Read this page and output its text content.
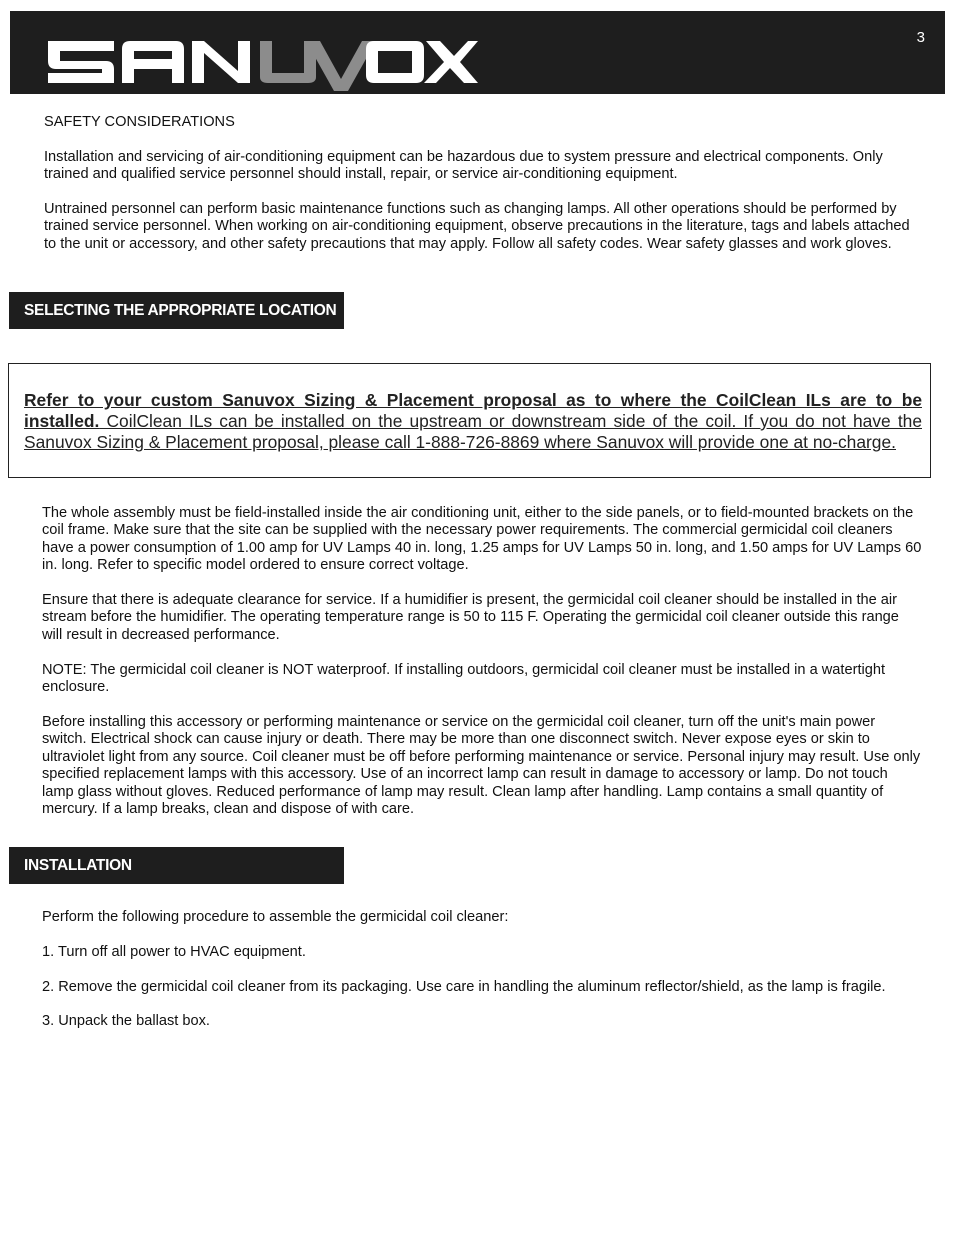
3

SAFETY CONSIDERATIONS

Installation and servicing of air-conditioning equipment can be hazardous due to system pressure and electrical components. Only trained and qualified service personnel should install, repair, or service air-conditioning equipment.

Untrained personnel can perform basic maintenance functions such as changing lamps. All other operations should be performed by trained service personnel. When working on air-conditioning equipment, observe precautions in the literature, tags and labels attached to the unit or accessory, and other safety precautions that may apply. Follow all safety codes. Wear safety glasses and work gloves.

SELECTING THE APPROPRIATE LOCATION
Refer to your custom Sanuvox Sizing & Placement proposal as to where the CoilClean ILs are to be installed. CoilClean ILs can be installed on the upstream or downstream side of the coil. If you do not have the Sanuvox Sizing & Placement proposal, please call 1-888-726-8869 where Sanuvox will provide one at no-charge.

The whole assembly must be field-installed inside the air conditioning unit, either to the side panels, or to field-mounted brackets on the coil frame. Make sure that the site can be supplied with the necessary power requirements. The commercial germicidal coil cleaners have a power consumption of 1.00 amp for UV Lamps 40 in. long, 1.25 amps for UV Lamps 50 in. long, and 1.50 amps for UV Lamps 60 in. long. Refer to specific model ordered to ensure correct voltage.

Ensure that there is adequate clearance for service. If a humidifier is present, the germicidal coil cleaner should be installed in the air stream before the humidifier. The operating temperature range is 50 to 115 F. Operating the germicidal coil cleaner outside this range will result in decreased performance.

NOTE: The germicidal coil cleaner is NOT waterproof. If installing outdoors, germicidal coil cleaner must be installed in a watertight enclosure.

Before installing this accessory or performing maintenance or service on the germicidal coil cleaner, turn off the unit's main power switch. Electrical shock can cause injury or death. There may be more than one disconnect switch. Never expose eyes or skin to ultraviolet light from any source. Coil cleaner must be off before performing maintenance or service. Personal injury may result. Use only specified replacement lamps with this accessory. Use of an incorrect lamp can result in damage to accessory or lamp. Do not touch lamp glass without gloves. Reduced performance of lamp may result. Clean lamp after handling. Lamp contains a small quantity of mercury. If a lamp breaks, clean and dispose of with care.

INSTALLATION

Perform the following procedure to assemble the germicidal coil cleaner:

1. Turn off all power to HVAC equipment.

2. Remove the germicidal coil cleaner from its packaging. Use care in handling the aluminum reflector/shield, as the lamp is fragile.

3. Unpack the ballast box.
